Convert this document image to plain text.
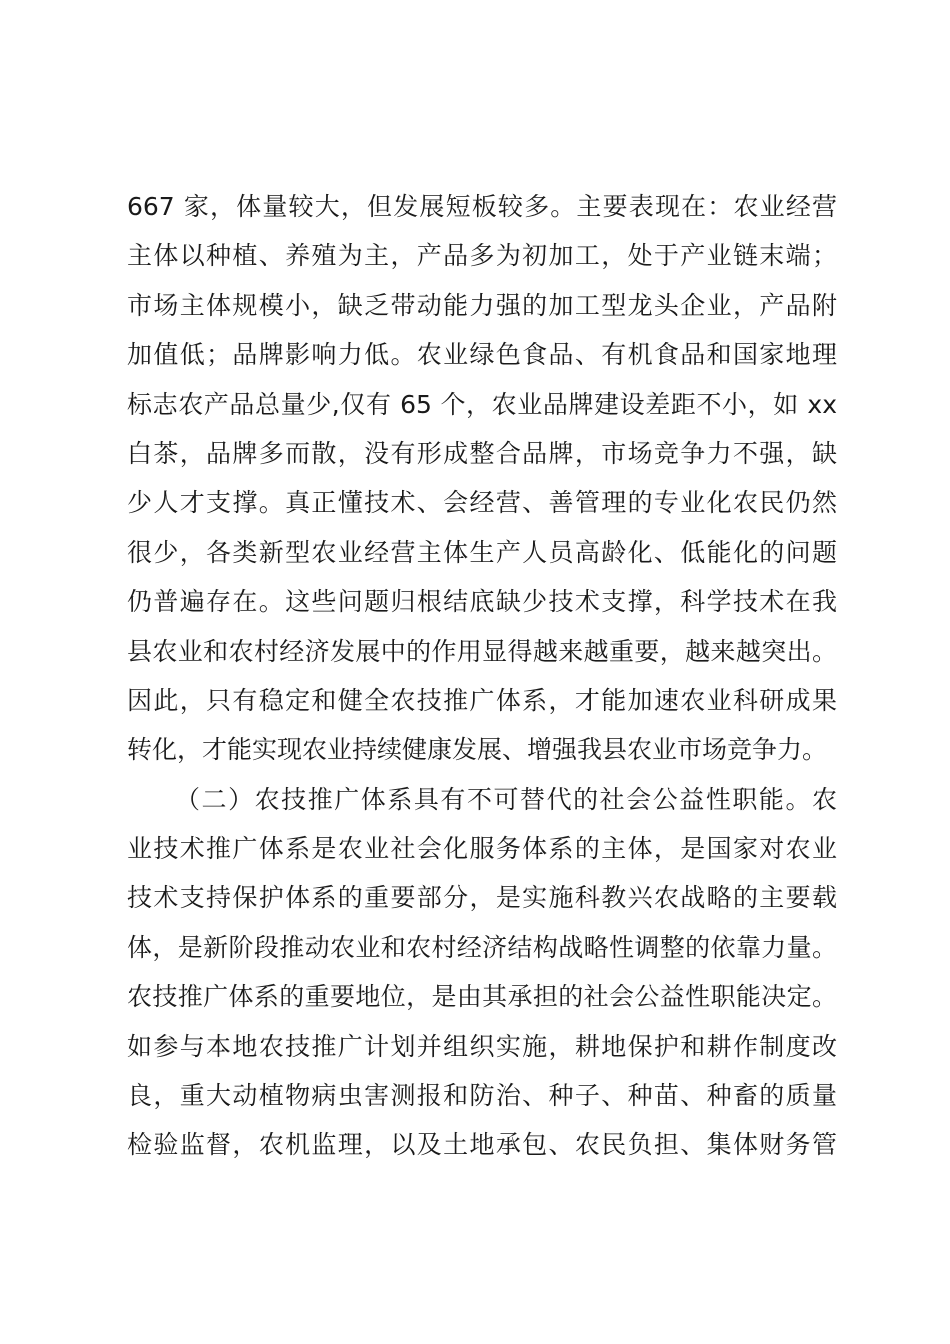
667 家，体量较大，但发展短板较多。主要表现在：农业经营
主体以种植、养殖为主，产品多为初加工，处于产业链末端；
市场主体规模小，缺乏带动能力强的加工型龙头企业，产品附
加值低；品牌影响力低。农业绿色食品、有机食品和国家地理
标志农产品总量少,仅有 65 个，农业品牌建设差距不小，如 xx
白茶，品牌多而散，没有形成整合品牌，市场竞争力不强，缺
少人才支撑。真正懂技术、会经营、善管理的专业化农民仍然
很少，各类新型农业经营主体生产人员高龄化、低能化的问题
仍普遍存在。这些问题归根结底缺少技术支撑，科学技术在我
县农业和农村经济发展中的作用显得越来越重要，越来越突出。
因此，只有稳定和健全农技推广体系，才能加速农业科研成果
转化，才能实现农业持续健康发展、增强我县农业市场竞争力。
（二）农技推广体系具有不可替代的社会公益性职能。农
业技术推广体系是农业社会化服务体系的主体，是国家对农业
技术支持保护体系的重要部分，是实施科教兴农战略的主要载
体，是新阶段推动农业和农村经济结构战略性调整的依靠力量。
农技推广体系的重要地位，是由其承担的社会公益性职能决定。
如参与本地农技推广计划并组织实施，耕地保护和耕作制度改
良，重大动植物病虫害测报和防治、种子、种苗、种畜的质量
检验监督，农机监理，以及土地承包、农民负担、集体财务管
